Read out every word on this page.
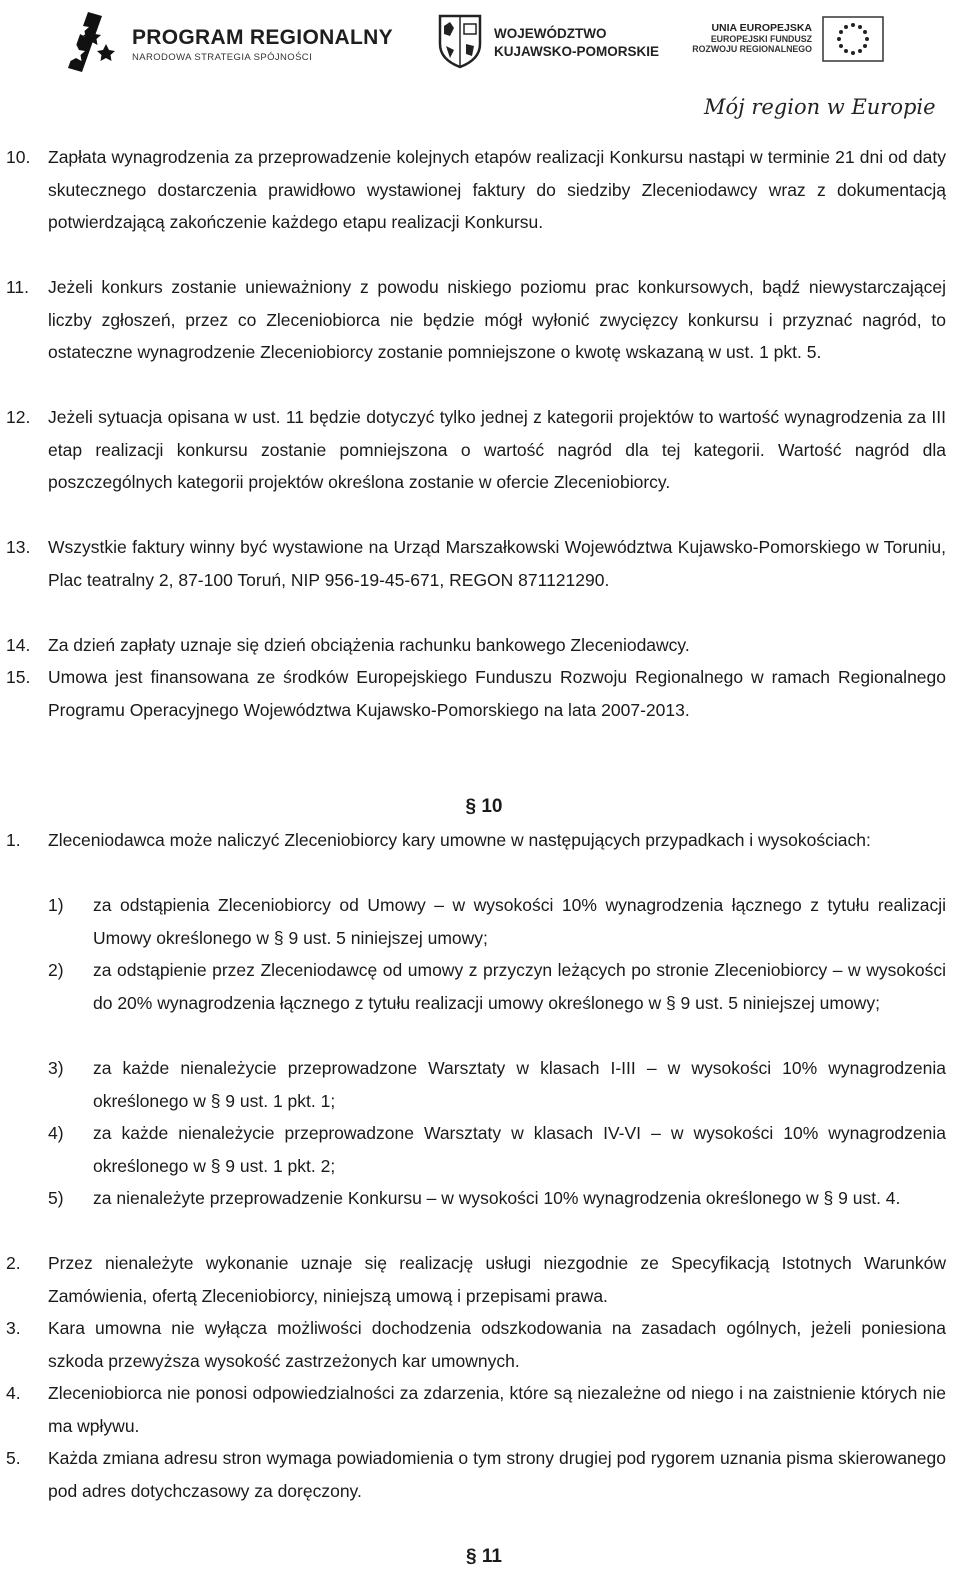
PROGRAM REGIONALNY
NARODOWA STRATEGIA SPÓJNOŚCI
WOJEWÓDZTWO
KUJAWSKO-POMORSKIE
UNIA EUROPEJSKA
EUROPEJSKI FUNDUSZ
ROZWOJU REGIONALNEGO
Mój region w Europie
10. Zapłata wynagrodzenia za przeprowadzenie kolejnych etapów realizacji Konkursu nastąpi w terminie 21 dni od daty skutecznego dostarczenia prawidłowo wystawionej faktury do siedziby Zleceniodawcy wraz z dokumentacją potwierdzającą zakończenie każdego etapu realizacji Konkursu.
11. Jeżeli konkurs zostanie unieważniony z powodu niskiego poziomu prac konkursowych, bądź niewystarczającej liczby zgłoszeń, przez co Zleceniobiorca nie będzie mógł wyłonić zwycięzcy konkursu i przyznać nagród, to ostateczne wynagrodzenie Zleceniobiorcy zostanie pomniejszone o kwotę wskazaną w ust. 1 pkt. 5.
12. Jeżeli sytuacja opisana w ust. 11 będzie dotyczyć tylko jednej z kategorii projektów to wartość wynagrodzenia za III etap realizacji konkursu zostanie pomniejszona o wartość nagród dla tej kategorii. Wartość nagród dla poszczególnych kategorii projektów określona zostanie w ofercie Zleceniobiorcy.
13. Wszystkie faktury winny być wystawione na Urząd Marszałkowski Województwa Kujawsko-Pomorskiego w Toruniu, Plac teatralny 2, 87-100 Toruń, NIP 956-19-45-671, REGON 871121290.
14. Za dzień zapłaty uznaje się dzień obciążenia rachunku bankowego Zleceniodawcy.
15. Umowa jest finansowana ze środków Europejskiego Funduszu Rozwoju Regionalnego w ramach Regionalnego Programu Operacyjnego Województwa Kujawsko-Pomorskiego na lata 2007-2013.
§ 10
1. Zleceniodawca może naliczyć Zleceniobiorcy kary umowne w następujących przypadkach i wysokościach:
1) za odstąpienia Zleceniobiorcy od Umowy – w wysokości 10% wynagrodzenia łącznego z tytułu realizacji Umowy określonego w § 9 ust. 5 niniejszej umowy;
2) za odstąpienie przez Zleceniodawcę od umowy z przyczyn leżących po stronie Zleceniobiorcy – w wysokości do 20% wynagrodzenia łącznego z tytułu realizacji umowy określonego w § 9 ust. 5 niniejszej umowy;
3) za każde nienależycie przeprowadzone Warsztaty w klasach I-III – w wysokości 10% wynagrodzenia określonego w § 9 ust. 1 pkt. 1;
4) za każde nienależycie przeprowadzone Warsztaty w klasach IV-VI – w wysokości 10% wynagrodzenia określonego w § 9 ust. 1 pkt. 2;
5) za nienależyte przeprowadzenie Konkursu – w wysokości 10% wynagrodzenia określonego w § 9 ust. 4.
2. Przez nienależyte wykonanie uznaje się realizację usługi niezgodnie ze Specyfikacją Istotnych Warunków Zamówienia, ofertą Zleceniobiorcy, niniejszą umową i przepisami prawa.
3. Kara umowna nie wyłącza możliwości dochodzenia odszkodowania na zasadach ogólnych, jeżeli poniesiona szkoda przewyższa wysokość zastrzeżonych kar umownych.
4. Zleceniobiorca nie ponosi odpowiedzialności za zdarzenia, które są niezależne od niego i na zaistnienie których nie ma wpływu.
5. Każda zmiana adresu stron wymaga powiadomienia o tym strony drugiej pod rygorem uznania pisma skierowanego pod adres dotychczasowy za doręczony.
§ 11
